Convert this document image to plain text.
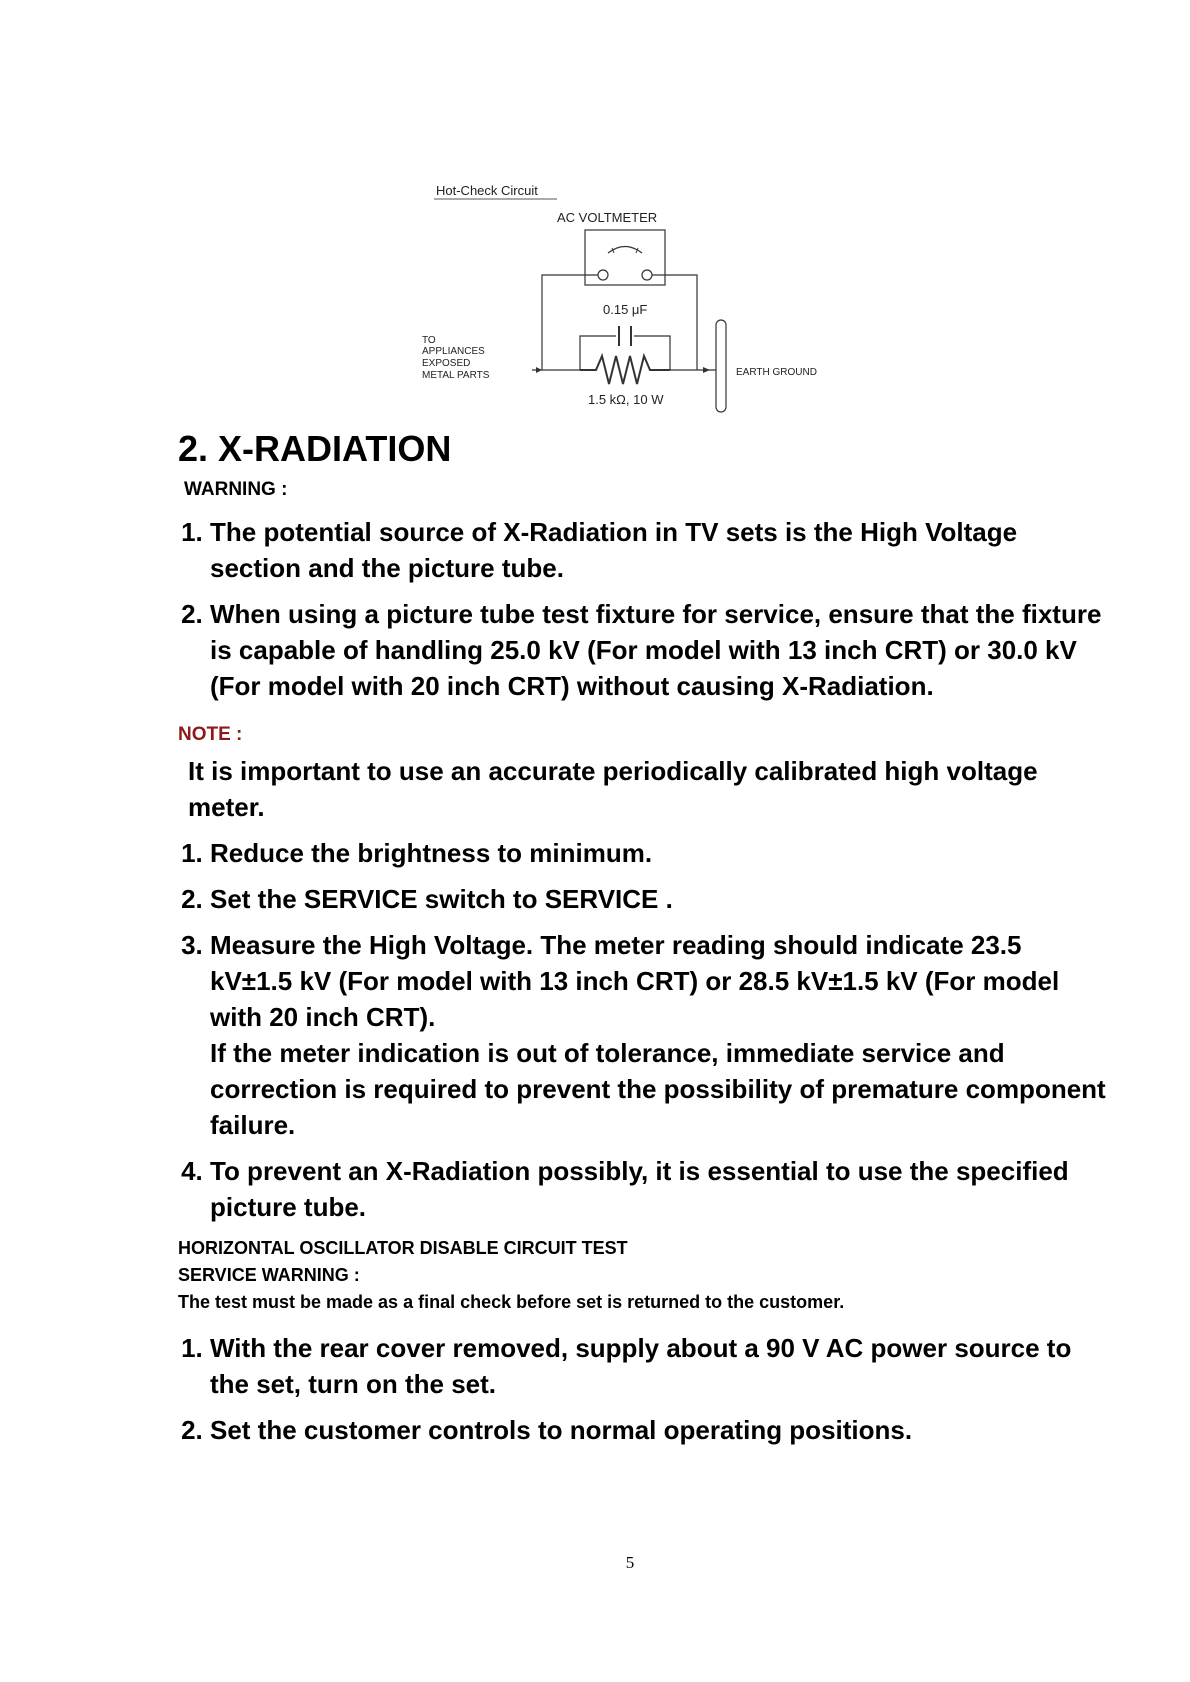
Hot-Check Circuit
AC VOLTMETER
0.15 μF
1.5 kΩ, 10 W
TO
APPLIANCES
EXPOSED
METAL PARTS	EARTH GROUND
2. X-RADIATION

WARNING :

1. The potential source of X-Radiation in TV sets is the High Voltage section and the picture tube.
2. When using a picture tube test fixture for service, ensure that the fixture is capable of handling 25.0 kV (For model with 13 inch CRT) or 30.0 kV (For model with 20 inch CRT) without causing X-Radiation.

NOTE :

It is important to use an accurate periodically calibrated high voltage meter.

1. Reduce the brightness to minimum.
2. Set the SERVICE switch to SERVICE .
3. Measure the High Voltage. The meter reading should indicate 23.5 kV±1.5 kV (For model with 13 inch CRT) or 28.5 kV±1.5 kV (For model with 20 inch CRT).
If the meter indication is out of tolerance, immediate service and correction is required to prevent the possibility of premature component failure.
4. To prevent an X-Radiation possibly, it is essential to use the specified picture tube.

HORIZONTAL OSCILLATOR DISABLE CIRCUIT TEST

SERVICE WARNING :

The test must be made as a final check before set is returned to the customer.

1. With the rear cover removed, supply about a 90 V AC power source to the set, turn on the set.
2. Set the customer controls to normal operating positions.
5
